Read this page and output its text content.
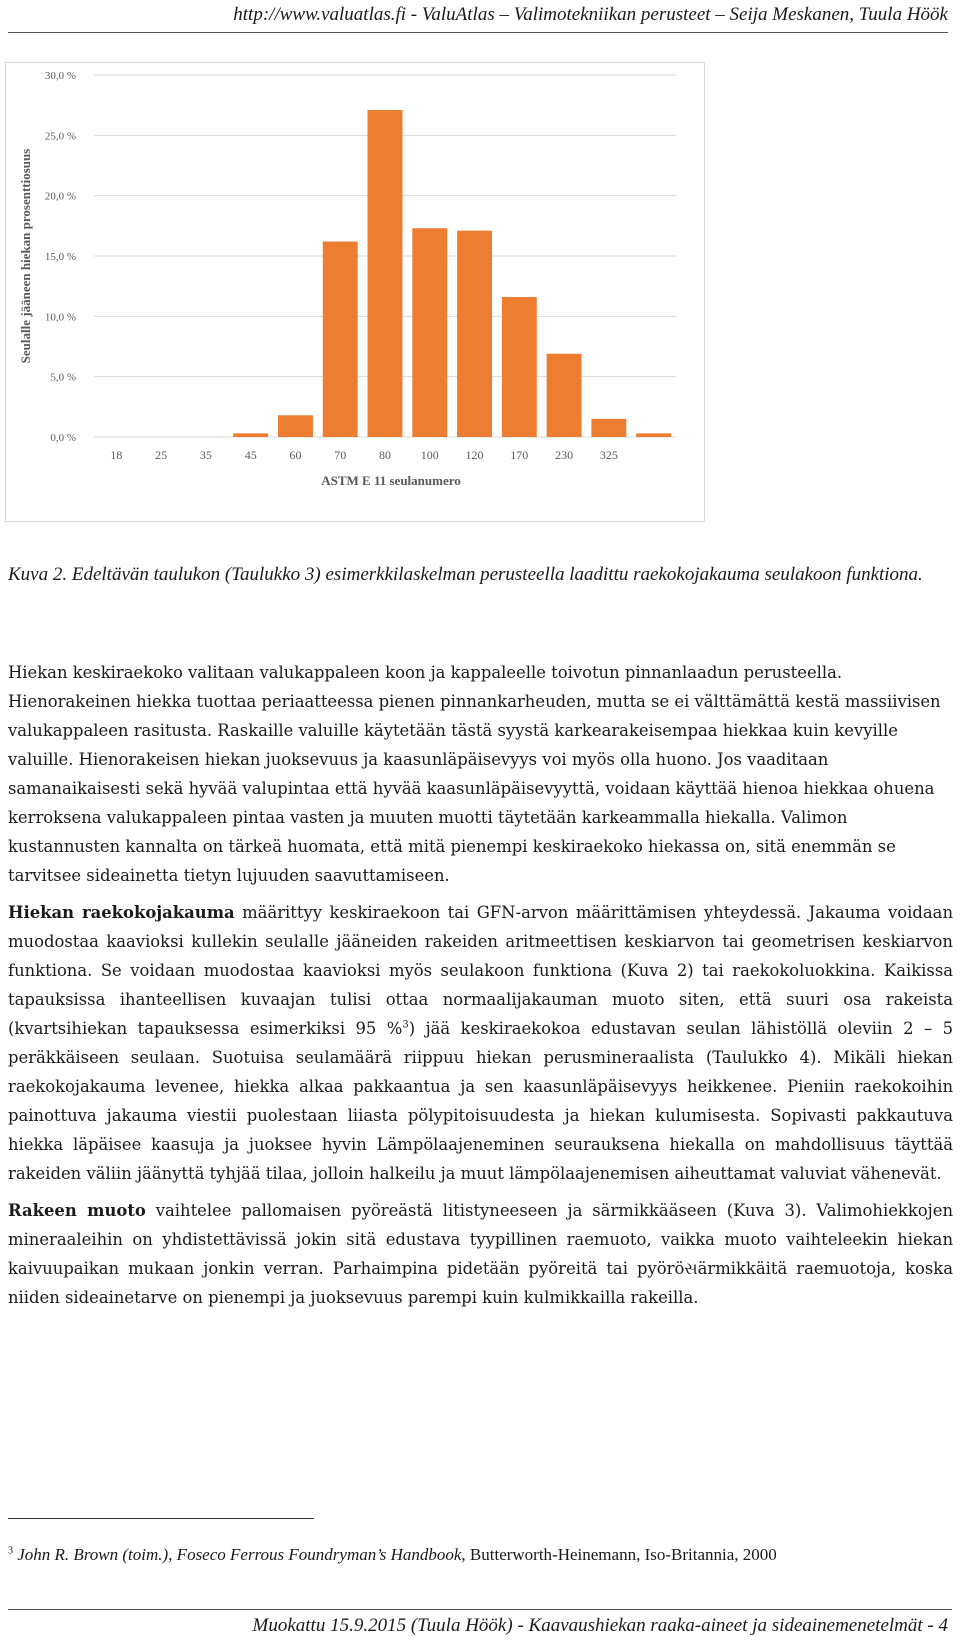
http://www.valuatlas.fi - ValuAtlas – Valimotekniikan perusteet – Seija Meskanen, Tuula Höök
0,0 %
5,0 %
10,0 %
15,0 %
20,0 %
25,0 %
30,0 %
18	25	35	45	60	70	80 100 120 170 230 325
ASTM E 11 seulanumero
Seulalle jääneen hiekan prosenttiosuus
Kuva 2. Edeltävän taulukon (Taulukko 3) esimerkkilaskelman perusteella laadittu raekokojakauma seulakoon funktiona.

Hiekan keskiraekoko valitaan valukappaleen koon ja kappaleelle toivotun pinnanlaadun perusteella. Hienorakeinen hiekka tuottaa periaatteessa pienen pinnankarheuden, mutta se ei välttämättä kestä massiivisen valukappaleen rasitusta. Raskaille valuille käytetään tästä syystä karkearakeisempaa hiekkaa kuin kevyille valuille. Hienorakeisen hiekan juoksevuus ja kaasunläpäisevyys voi myös olla huono. Jos vaaditaan samanaikaisesti sekä hyvää valupintaa että hyvää kaasunläpäisevyyttä, voidaan käyttää hienoa hiekkaa ohuena kerroksena valukappaleen pintaa vasten ja muuten muotti täytetään karkeammalla hiekalla. Valimon kustannusten kannalta on tärkeä huomata, että mitä pienempi keskiraekoko hiekassa on, sitä enemmän se tarvitsee sideainetta tietyn lujuuden saavuttamiseen.

Hiekan raekokojakauma määrittyy keskiraekoon tai GFN-arvon määrittämisen yhteydessä. Jakauma voidaan muodostaa kaavioksi kullekin seulalle jääneiden rakeiden aritmeettisen keskiarvon tai geometrisen keskiarvon funktiona. Se voidaan muodostaa kaavioksi myös seulakoon funktiona (Kuva 2) tai raekokoluokkina. Kaikissa tapauksissa ihanteellisen kuvaajan tulisi ottaa normaalijakauman muoto siten, että suuri osa rakeista (kvartsihiekan tapauksessa esimerkiksi 95 %$^3$) jää keskiraekokoa edustavan seulan lähistöllä oleviin 2 – 5 peräkkäiseen seulaan. Suotuisa seulamäärä riippuu hiekan perusmineraalista (Taulukko 4). Mikäli hiekan raekokojakauma levenee, hiekka alkaa pakkaantua ja sen kaasunläpäisevyys heikkenee. Pieniin raekokoihin painottuva jakauma viestii puolestaan liiasta pölypitoisuudesta ja hiekan kulumisesta. Sopivasti pakkautuva hiekka läpäisee kaasuja ja juoksee hyvin Lämpölaajeneminen seurauksena hiekalla on mahdollisuus täyttää rakeiden väliin jäänyttä tyhjää tilaa, jolloin halkeilu ja muut lämpölaajenemisen aiheuttamat valuviat vähenevät.

Rakeen muoto vaihtelee pallomaisen pyöreästä litistyneeseen ja särmikkääseen (Kuva 3). Valimohiekkojen mineraaleihin on yhdistettävissä jokin sitä edustava tyypillinen raemuoto, vaikka muoto vaihteleekin hiekan kaivuupaikan mukaan jonkin verran. Parhaimpina pidetään pyöreitä tai pyöröસärmikkäitä raemuotoja, koska niiden sideainetarve on pienempi ja juoksevuus parempi kuin kulmikkailla rakeilla.

$^3$ John R. Brown (toim.), Foseco Ferrous Foundryman’s Handbook, Butterworth-Heinemann, Iso-Britannia, 2000
Muokattu 15.9.2015 (Tuula Höök) - Kaavaushiekan raaka-aineet ja sideainemenetelmät - 4
